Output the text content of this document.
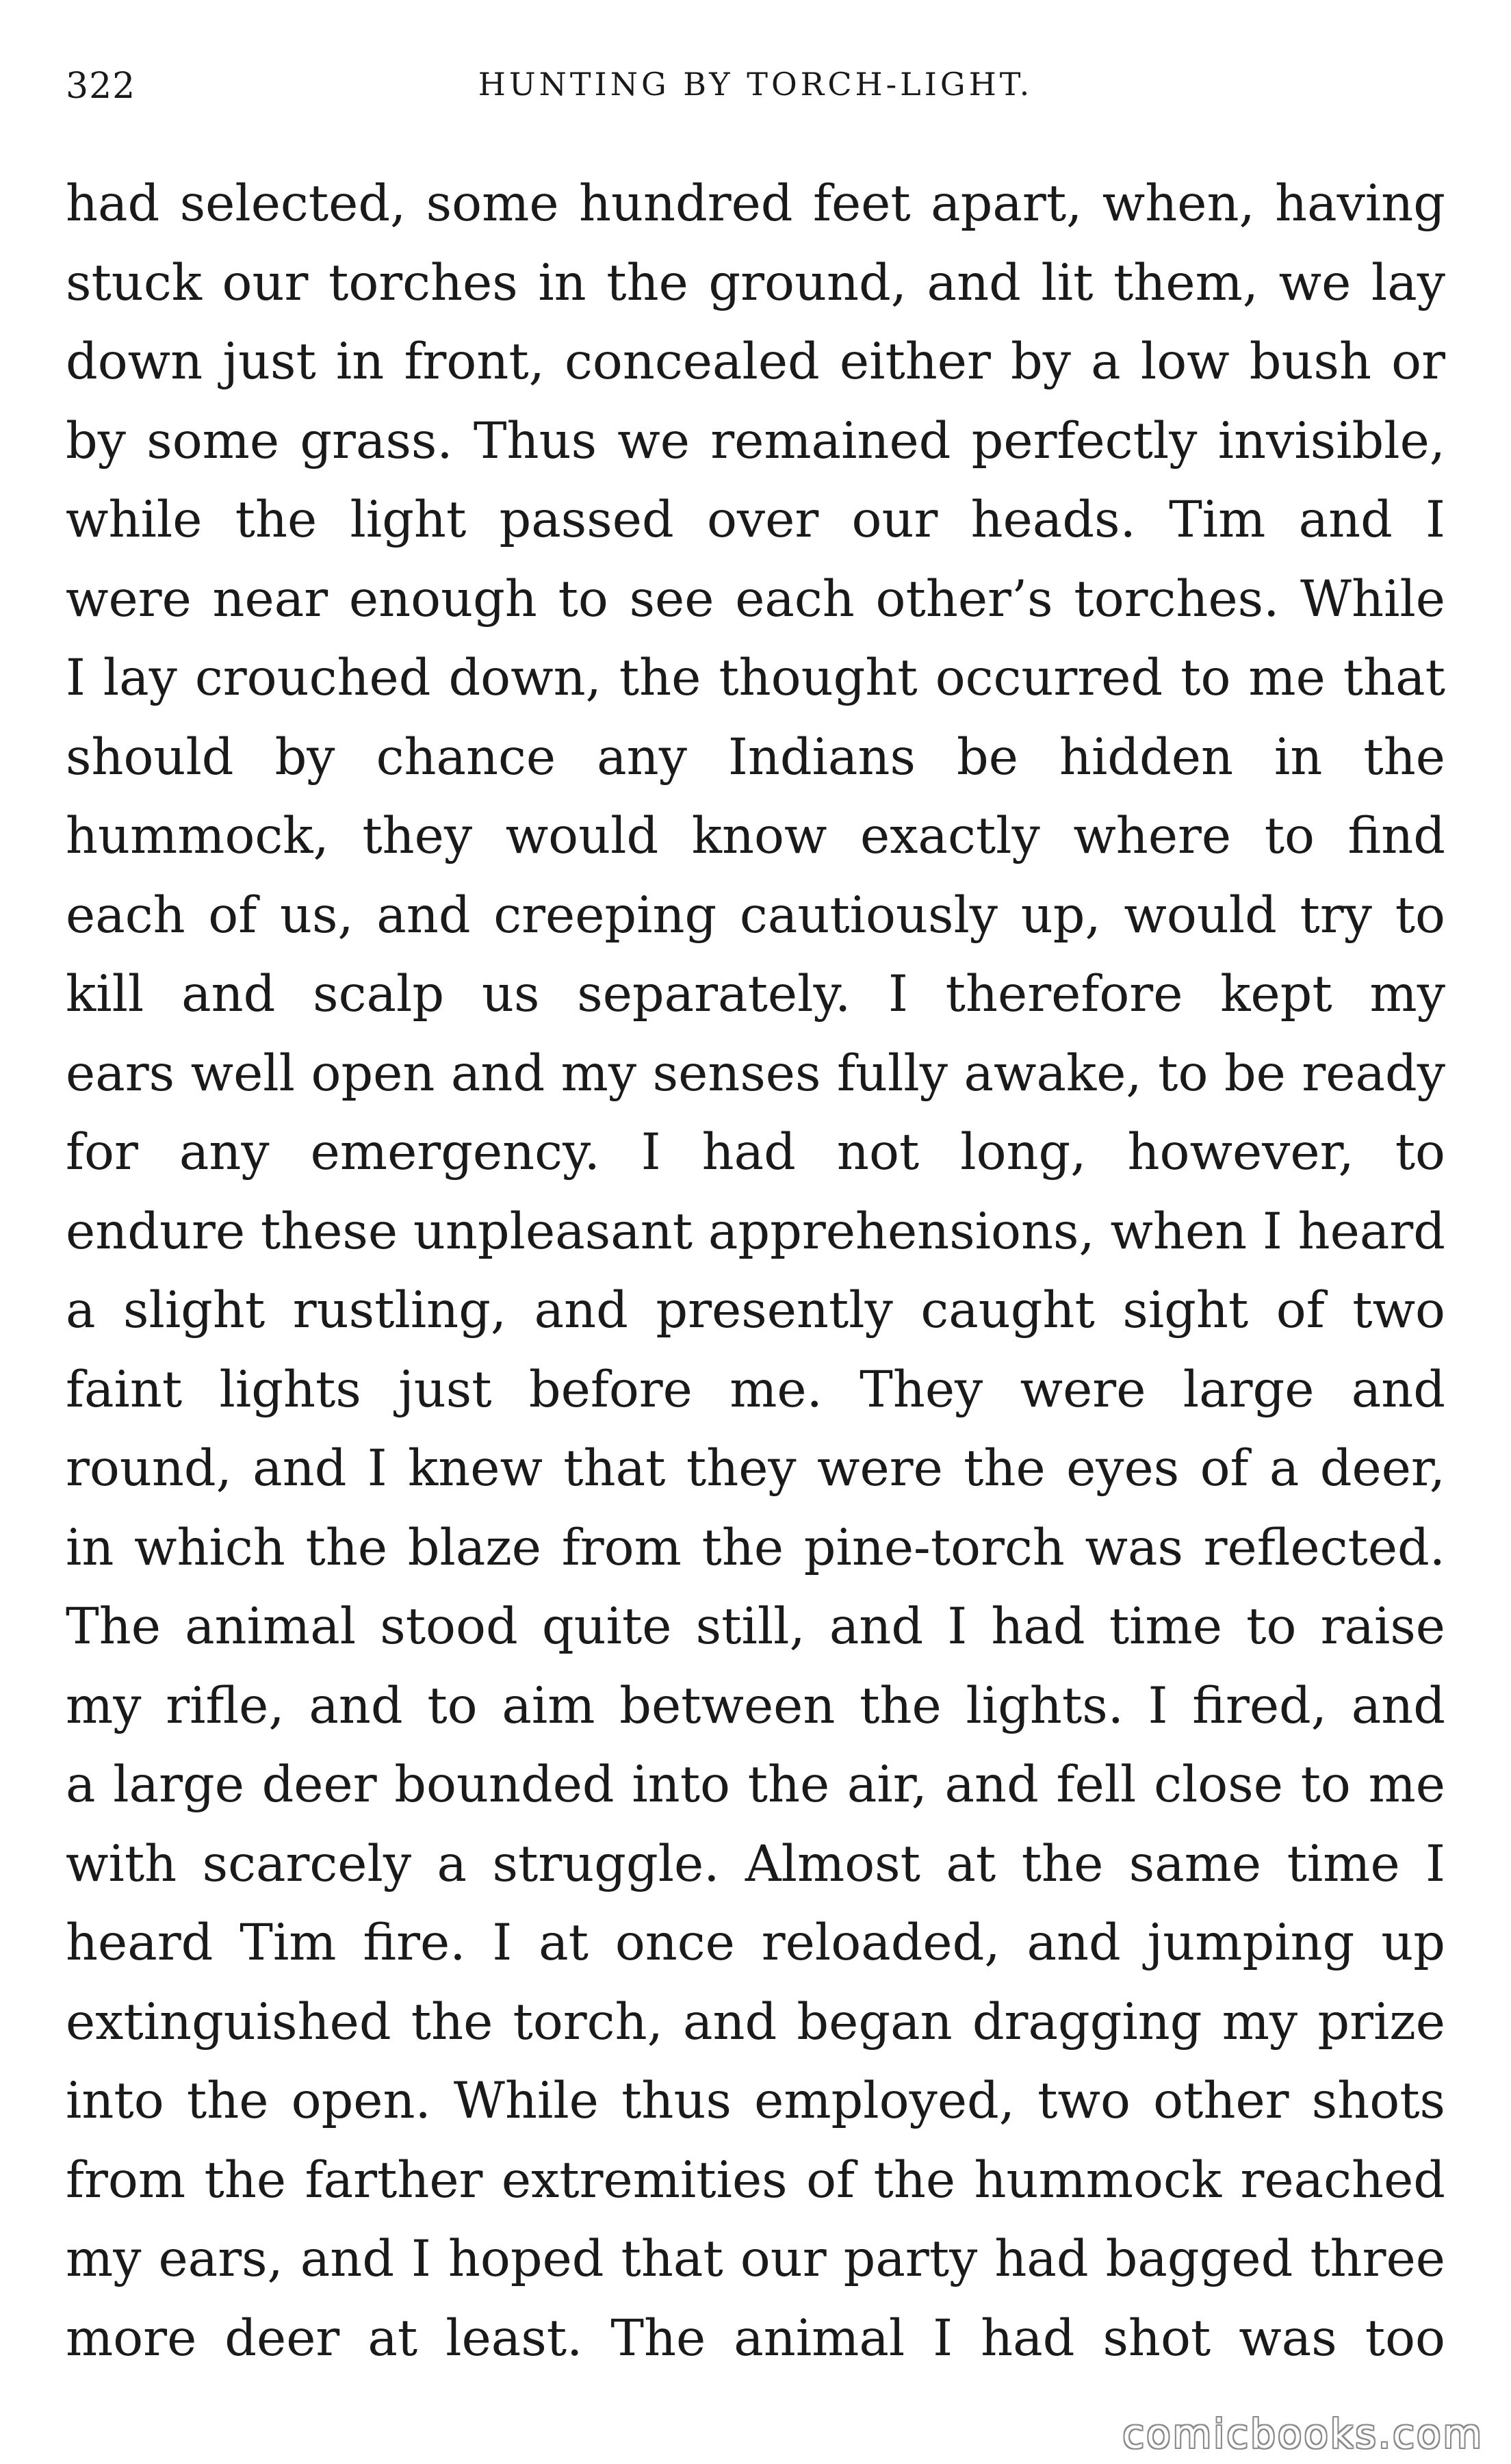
322	HUNTING BY TORCH-LIGHT.
had selected, some hundred feet apart, when, having
stuck our torches in the ground, and lit them, we lay
down just in front, concealed either by a low bush or
by some grass. Thus we remained perfectly invisible,
while the light passed over our heads. Tim and I
were near enough to see each other’s torches. While
I lay crouched down, the thought occurred to me that
should by chance any Indians be hidden in the
hummock, they would know exactly where to find
each of us, and creeping cautiously up, would try to
kill and scalp us separately. I therefore kept my
ears well open and my senses fully awake, to be ready
for any emergency. I had not long, however, to
endure these unpleasant apprehensions, when I heard
a slight rustling, and presently caught sight of two
faint lights just before me. They were large and
round, and I knew that they were the eyes of a deer,
in which the blaze from the pine-torch was reflected.
The animal stood quite still, and I had time to raise
my rifle, and to aim between the lights. I fired, and
a large deer bounded into the air, and fell close to me
with scarcely a struggle. Almost at the same time I
heard Tim fire. I at once reloaded, and jumping up
extinguished the torch, and began dragging my prize
into the open. While thus employed, two other shots
from the farther extremities of the hummock reached
my ears, and I hoped that our party had bagged three
more deer at least. The animal I had shot was too
comicbooks.com
